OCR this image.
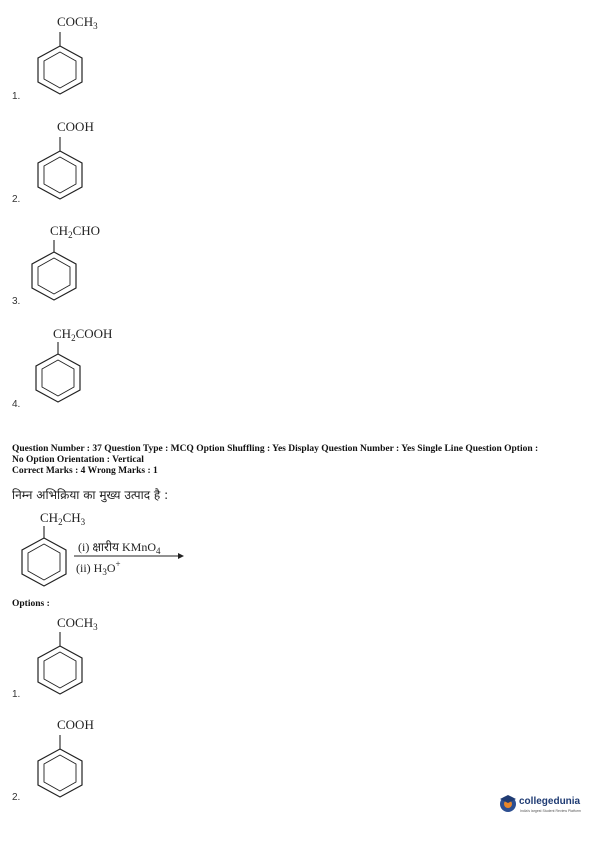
$COCH_3$
1.
COOH
2.
$CH_2CHO$
3.
$CH_2COOH$
4.
Question Number : 37 Question Type : MCQ Option Shuffling : Yes Display Question Number : Yes Single Line Question Option :
No Option Orientation : Vertical
Correct Marks : 4 Wrong Marks : 1
निम्न अभिक्रिया का मुख्य उत्पाद है :
$CH_2CH_3$
(i) क्षारीय KMnO$_4$
(ii) $H_3O^+$
Options :
$COCH_3$
1.
COOH
2.	collegedunia
India's largest Student Review Platform
